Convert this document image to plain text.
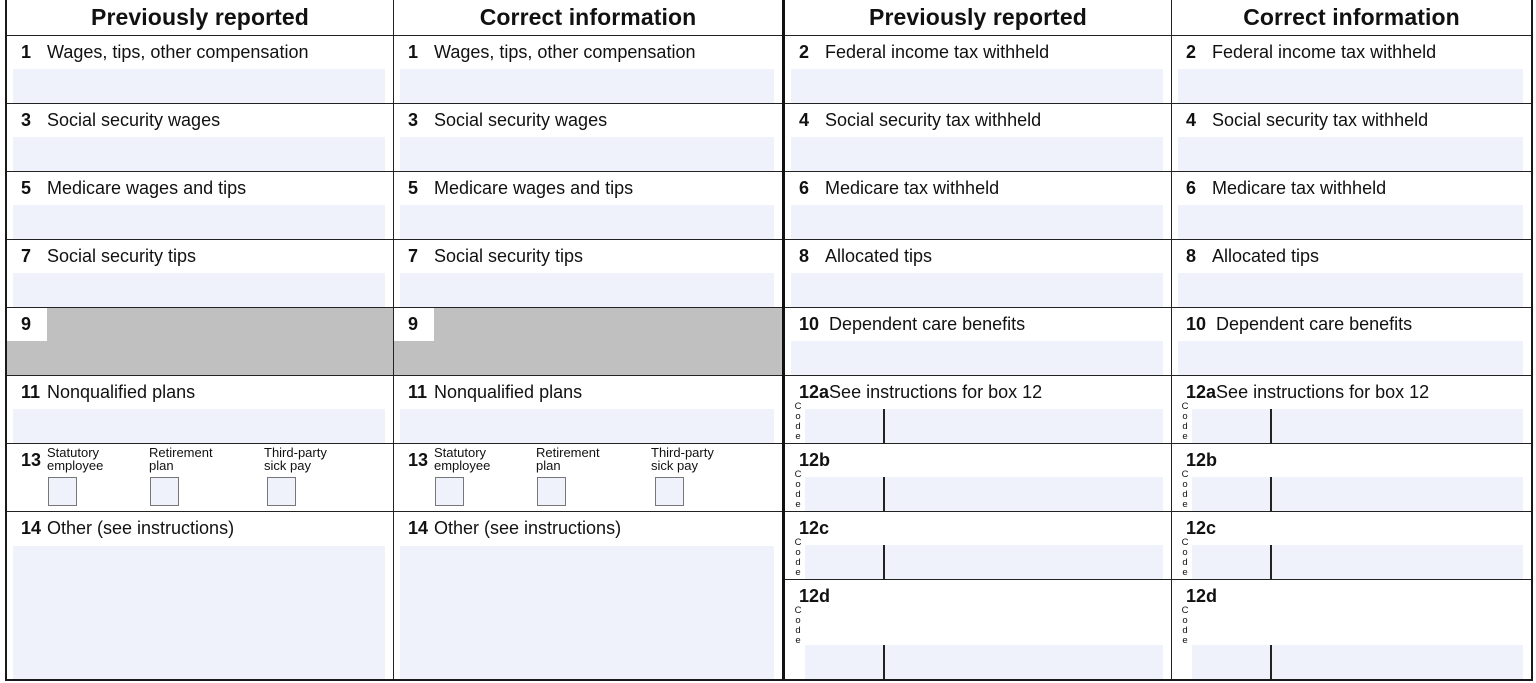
Previously reported
1 Wages, tips, other compensation
3 Social security wages
5 Medicare wages and tips
7 Social security tips
9
11 Nonqualified plans
13 Statutory
employee
Retirement
plan
Third-party
sick pay
14 Other (see instructions)
Correct information
1 Wages, tips, other compensation
3 Social security wages
5 Medicare wages and tips
7 Social security tips
9
11 Nonqualified plans
13 Statutory
employee
Retirement
plan
Third-party
sick pay
14 Other (see instructions)
Previously reported
2 Federal income tax withheld
4 Social security tax withheld
6 Medicare tax withheld
8 Allocated tips
10 Dependent care benefits
12aSee instructions for box 12
C
o
d
e
12b
C
o
d
e
12c
C
o
d
e
12d
C
o
d
e
Correct information
2 Federal income tax withheld
4 Social security tax withheld
6 Medicare tax withheld
8 Allocated tips
10 Dependent care benefits
12aSee instructions for box 12
C
o
d
e
12b
C
o
d
e
12c
C
o
d
e
12d
C
o
d
e
